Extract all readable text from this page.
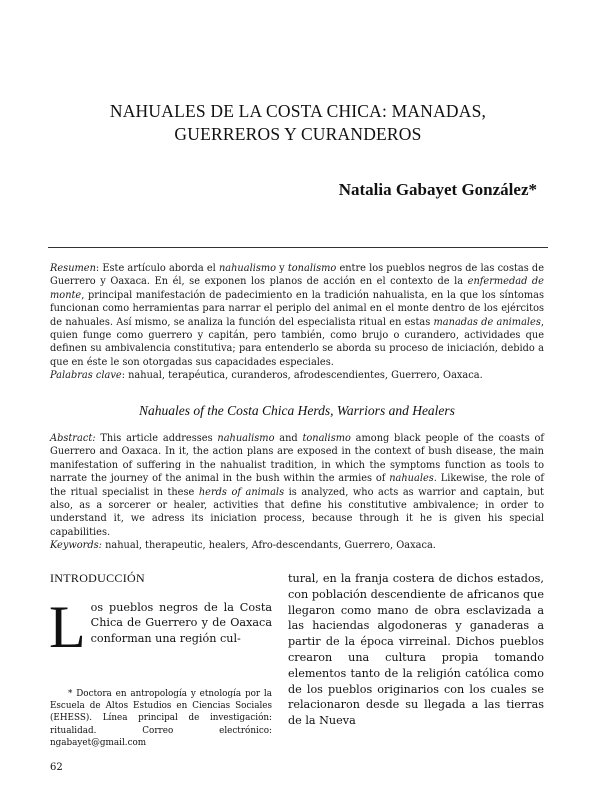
NAHUALES DE LA COSTA CHICA: MANADAS,
GUERREROS Y CURANDEROS
Natalia Gabayet González*

Resumen: Este artículo aborda el nahualismo y tonalismo entre los pueblos negros de las costas de Guerrero y Oaxaca. En él, se exponen los planos de acción en el contexto de la enfermedad de monte, principal manifestación de padecimiento en la tradición nahualista, en la que los síntomas funcionan como herramientas para narrar el periplo del animal en el monte dentro de los ejércitos de nahuales. Así mismo, se analiza la función del especialista ritual en estas manadas de animales, quien funge como guerrero y capitán, pero también, como brujo o curandero, actividades que definen su ambivalencia constitutiva; para entenderlo se aborda su proceso de iniciación, debido a que en éste le son otorgadas sus capacidades especiales.

Palabras clave: nahual, terapéutica, curanderos, afrodescendientes, Guerrero, Oaxaca.

Nahuales of the Costa Chica Herds, Warriors and Healers

Abstract: This article addresses nahualismo and tonalismo among black people of the coasts of Guerrero and Oaxaca. In it, the action plans are exposed in the context of bush disease, the main manifestation of suffering in the nahualist tradition, in which the symptoms function as tools to narrate the journey of the animal in the bush within the armies of nahuales. Likewise, the role of the ritual specialist in these herds of animals is analyzed, who acts as warrior and captain, but also, as a sorcerer or healer, activities that define his constitutive ambivalence; in order to understand it, we adress its iniciation process, because through it he is given his special capabilities.

Keywords: nahual, therapeutic, healers, Afro-descendants, Guerrero, Oaxaca.

INTRODUCCIÓN
L os pueblos negros de la Costa Chica de Guerrero y de Oaxaca conforman una región cul-

* Doctora en antropología y etnología por la Escuela de Altos Estudios en Ciencias Sociales (EHESS). Línea principal de investigación: ritualidad. Correo electrónico: ngabayet@gmail.com

tural, en la franja costera de dichos estados, con población descendiente de africanos que llegaron como mano de obra esclavizada a las haciendas algodoneras y ganaderas a partir de la época virreinal. Dichos pueblos crearon una cultura propia tomando elementos tanto de la religión católica como de los pueblos originarios con los cuales se relacionaron desde su llegada a las tierras de la Nueva

62
